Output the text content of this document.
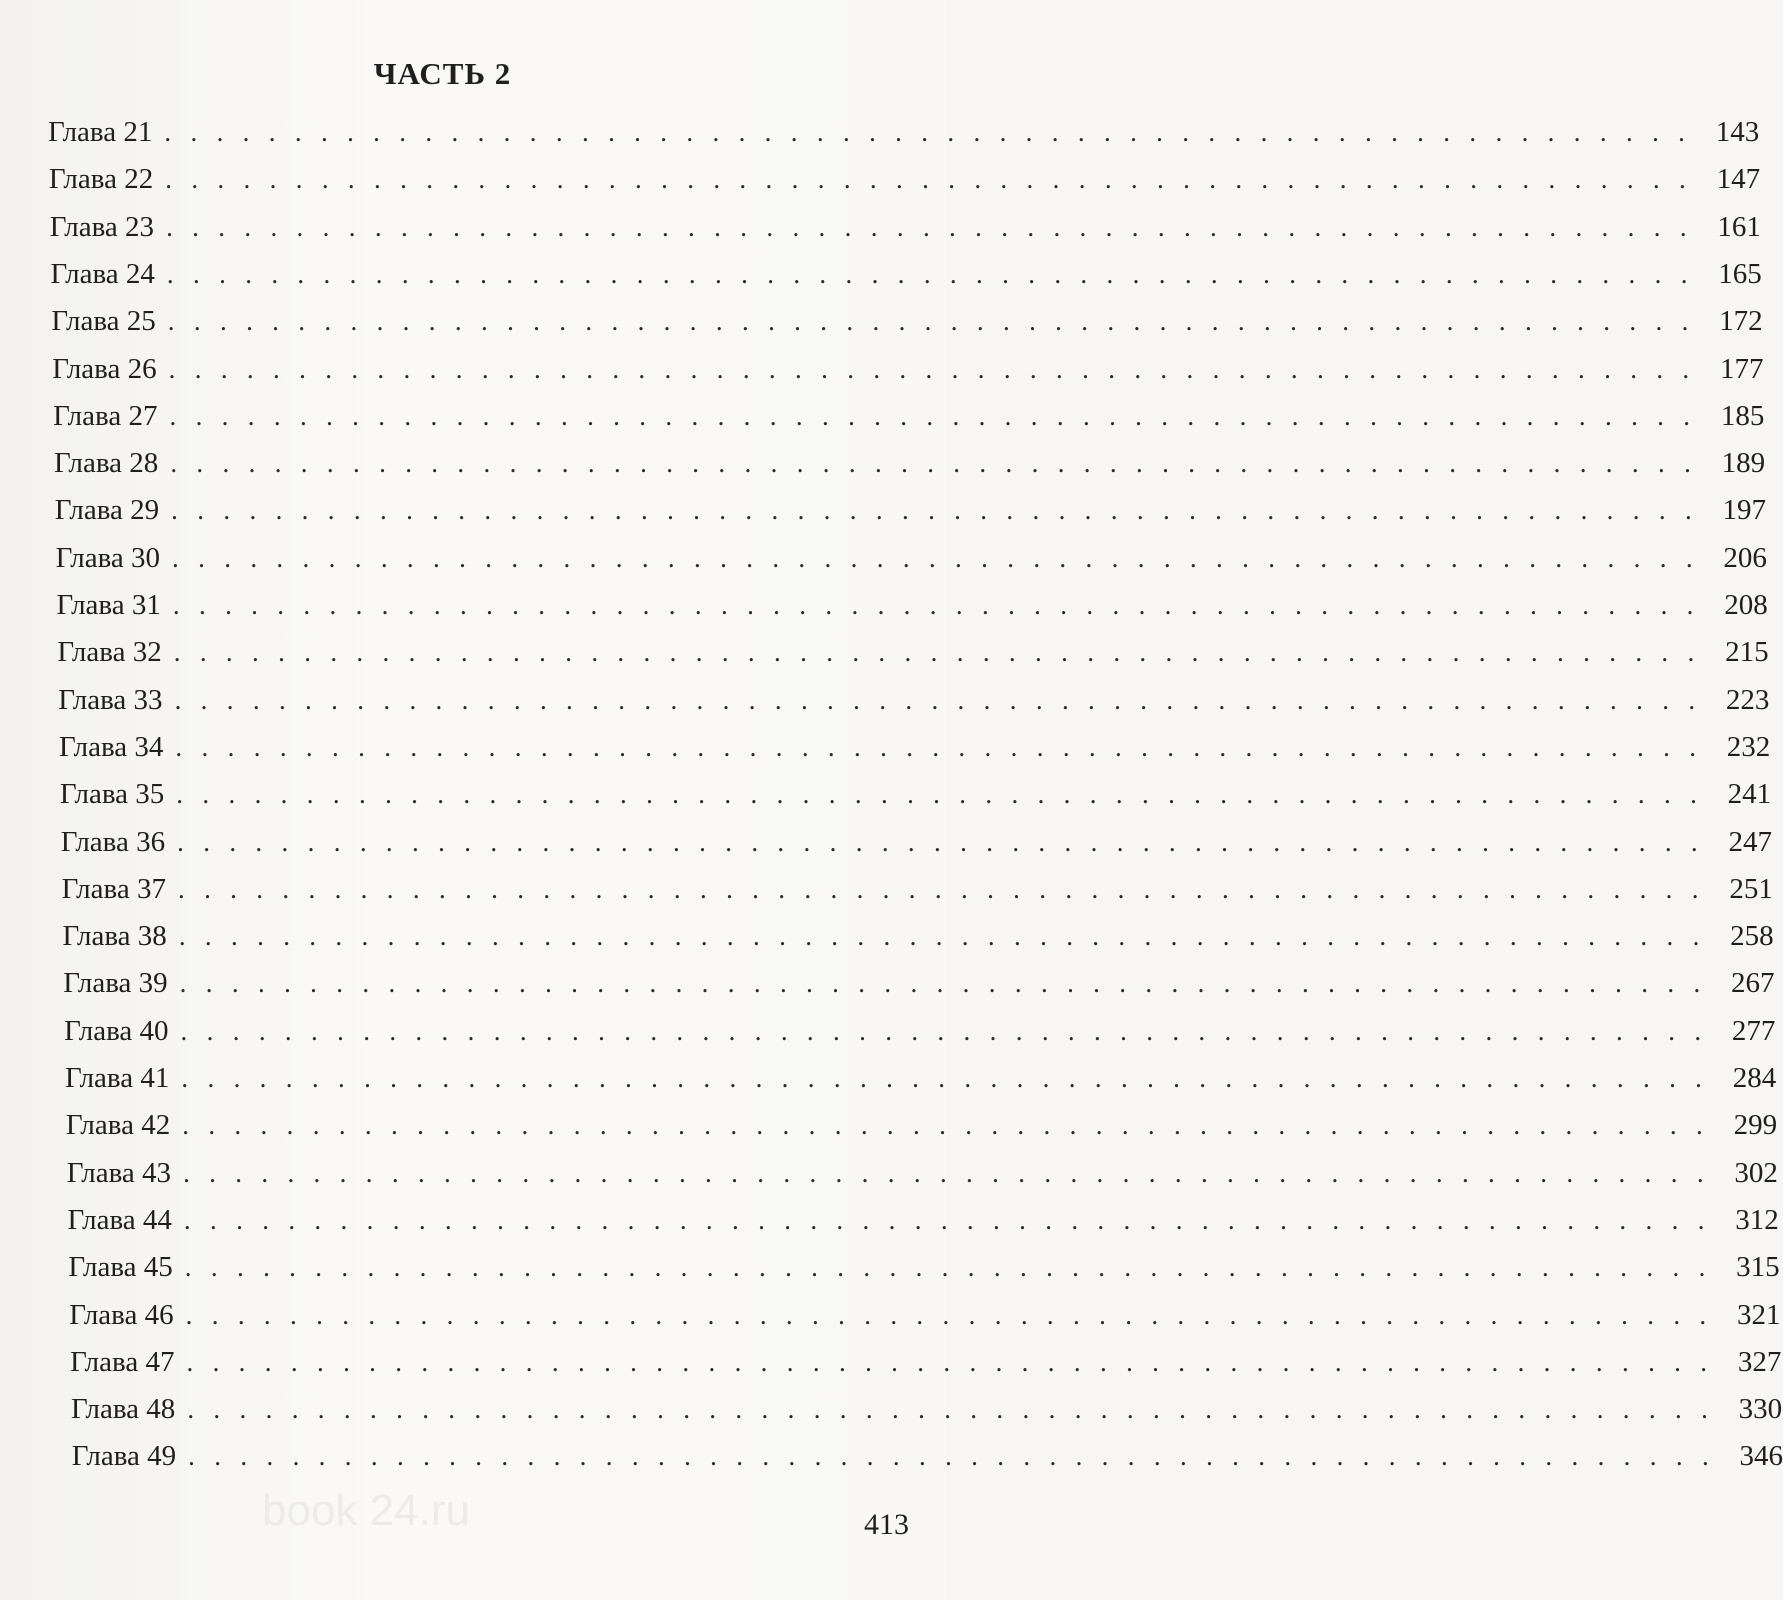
book 24.ru
ЧАСТЬ 2
Глава 21 . . . . . . . . . . . . . . . . . . . . . . . . . . . . . . . . . . . . . . . . . . . . . . . . . . . . . . . . . . . 143
Глава 22 . . . . . . . . . . . . . . . . . . . . . . . . . . . . . . . . . . . . . . . . . . . . . . . . . . . . . . . . . . . 147
Глава 23 . . . . . . . . . . . . . . . . . . . . . . . . . . . . . . . . . . . . . . . . . . . . . . . . . . . . . . . . . . . 161
Глава 24 . . . . . . . . . . . . . . . . . . . . . . . . . . . . . . . . . . . . . . . . . . . . . . . . . . . . . . . . . . . 165
Глава 25 . . . . . . . . . . . . . . . . . . . . . . . . . . . . . . . . . . . . . . . . . . . . . . . . . . . . . . . . . . . 172
Глава 26 . . . . . . . . . . . . . . . . . . . . . . . . . . . . . . . . . . . . . . . . . . . . . . . . . . . . . . . . . . . 177
Глава 27 . . . . . . . . . . . . . . . . . . . . . . . . . . . . . . . . . . . . . . . . . . . . . . . . . . . . . . . . . . . 185
Глава 28 . . . . . . . . . . . . . . . . . . . . . . . . . . . . . . . . . . . . . . . . . . . . . . . . . . . . . . . . . . . 189
Глава 29 . . . . . . . . . . . . . . . . . . . . . . . . . . . . . . . . . . . . . . . . . . . . . . . . . . . . . . . . . . . 197
Глава 30 . . . . . . . . . . . . . . . . . . . . . . . . . . . . . . . . . . . . . . . . . . . . . . . . . . . . . . . . . . . 206
Глава 31 . . . . . . . . . . . . . . . . . . . . . . . . . . . . . . . . . . . . . . . . . . . . . . . . . . . . . . . . . . . 208
Глава 32 . . . . . . . . . . . . . . . . . . . . . . . . . . . . . . . . . . . . . . . . . . . . . . . . . . . . . . . . . . . 215
Глава 33 . . . . . . . . . . . . . . . . . . . . . . . . . . . . . . . . . . . . . . . . . . . . . . . . . . . . . . . . . . . 223
Глава 34 . . . . . . . . . . . . . . . . . . . . . . . . . . . . . . . . . . . . . . . . . . . . . . . . . . . . . . . . . . . 232
Глава 35 . . . . . . . . . . . . . . . . . . . . . . . . . . . . . . . . . . . . . . . . . . . . . . . . . . . . . . . . . . . 241
Глава 36 . . . . . . . . . . . . . . . . . . . . . . . . . . . . . . . . . . . . . . . . . . . . . . . . . . . . . . . . . . . 247
Глава 37 . . . . . . . . . . . . . . . . . . . . . . . . . . . . . . . . . . . . . . . . . . . . . . . . . . . . . . . . . . . 251
Глава 38 . . . . . . . . . . . . . . . . . . . . . . . . . . . . . . . . . . . . . . . . . . . . . . . . . . . . . . . . . . . 258
Глава 39 . . . . . . . . . . . . . . . . . . . . . . . . . . . . . . . . . . . . . . . . . . . . . . . . . . . . . . . . . . . 267
Глава 40 . . . . . . . . . . . . . . . . . . . . . . . . . . . . . . . . . . . . . . . . . . . . . . . . . . . . . . . . . . . 277
Глава 41 . . . . . . . . . . . . . . . . . . . . . . . . . . . . . . . . . . . . . . . . . . . . . . . . . . . . . . . . . . . 284
Глава 42 . . . . . . . . . . . . . . . . . . . . . . . . . . . . . . . . . . . . . . . . . . . . . . . . . . . . . . . . . . . 299
Глава 43 . . . . . . . . . . . . . . . . . . . . . . . . . . . . . . . . . . . . . . . . . . . . . . . . . . . . . . . . . . . 302
Глава 44 . . . . . . . . . . . . . . . . . . . . . . . . . . . . . . . . . . . . . . . . . . . . . . . . . . . . . . . . . . . 312
Глава 45 . . . . . . . . . . . . . . . . . . . . . . . . . . . . . . . . . . . . . . . . . . . . . . . . . . . . . . . . . . . 315
Глава 46 . . . . . . . . . . . . . . . . . . . . . . . . . . . . . . . . . . . . . . . . . . . . . . . . . . . . . . . . . . . 321
Глава 47 . . . . . . . . . . . . . . . . . . . . . . . . . . . . . . . . . . . . . . . . . . . . . . . . . . . . . . . . . . . 327
Глава 48 . . . . . . . . . . . . . . . . . . . . . . . . . . . . . . . . . . . . . . . . . . . . . . . . . . . . . . . . . . . 330
Глава 49 . . . . . . . . . . . . . . . . . . . . . . . . . . . . . . . . . . . . . . . . . . . . . . . . . . . . . . . . . . . 346
413
